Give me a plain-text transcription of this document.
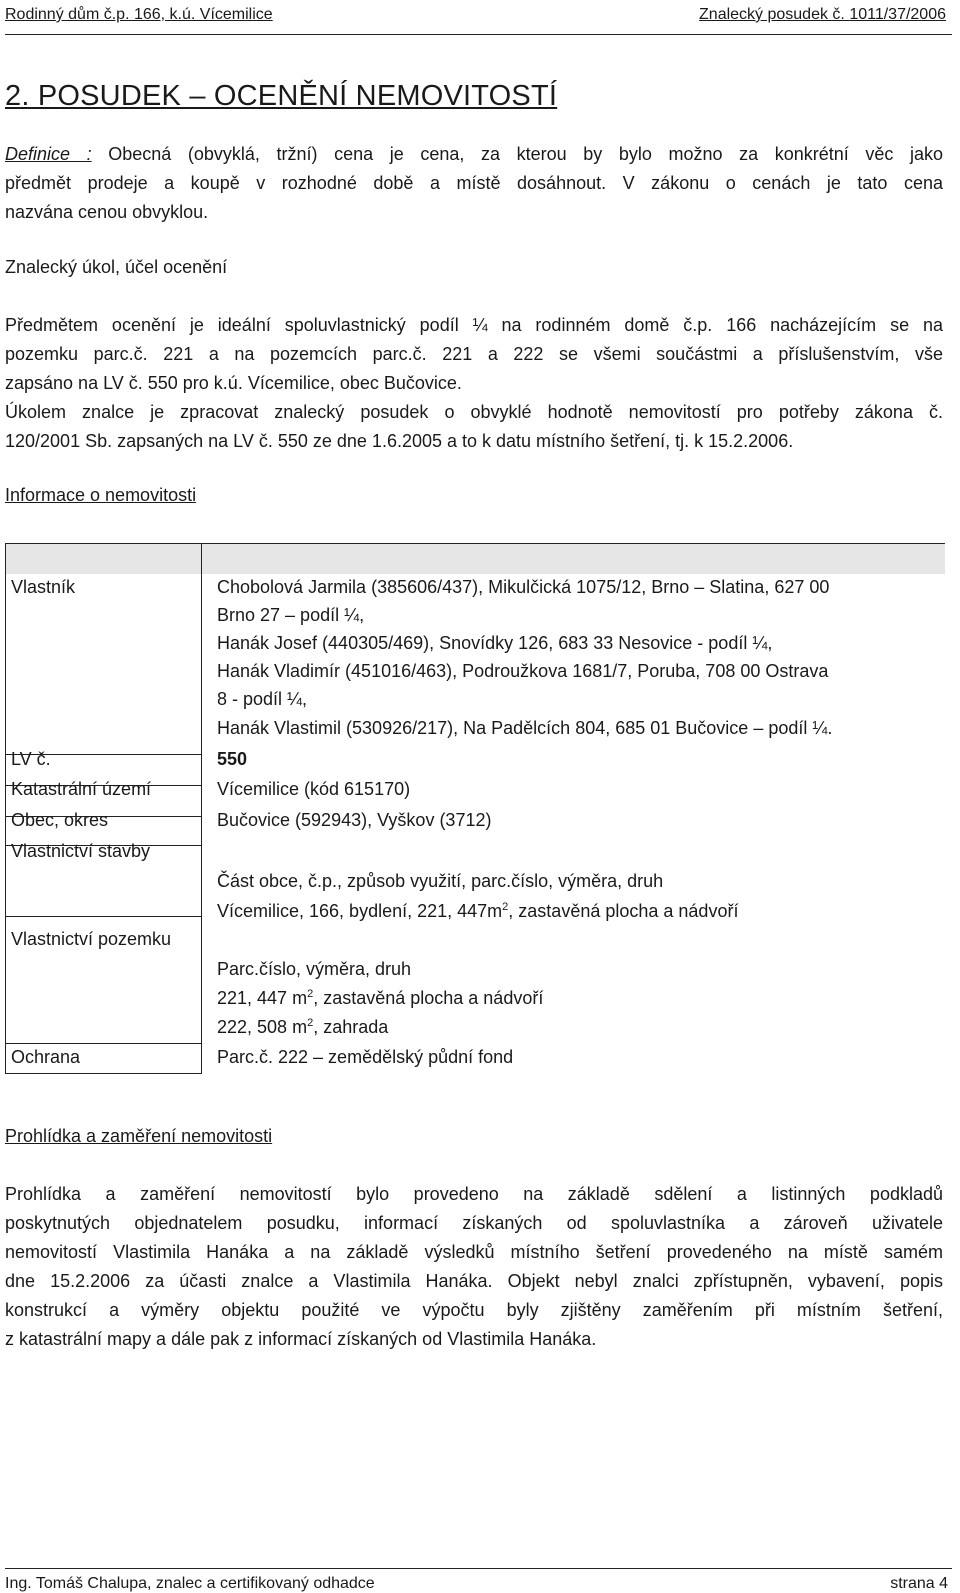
Rodinný dům č.p. 166, k.ú. Vícemilice	Znalecký posudek č. 1011/37/2006
2. POSUDEK – OCENĚNÍ NEMOVITOSTÍ
Definice : Obecná (obvyklá, tržní) cena je cena, za kterou by bylo možno za konkrétní věc jako
předmět prodeje a koupě v rozhodné době a místě dosáhnout. V zákonu o cenách je tato cena
nazvána cenou obvyklou.
Znalecký úkol, účel ocenění
Předmětem ocenění je ideální spoluvlastnický podíl ¼ na rodinném domě č.p. 166 nacházejícím se na
pozemku parc.č. 221 a na pozemcích parc.č. 221 a 222 se všemi součástmi a příslušenstvím, vše
zapsáno na LV č. 550 pro k.ú. Vícemilice, obec Bučovice.
Úkolem znalce je zpracovat znalecký posudek o obvyklé hodnotě nemovitostí pro potřeby zákona č.
120/2001 Sb. zapsaných na LV č. 550 ze dne 1.6.2005 a to k datu místního šetření, tj. k 15.2.2006.
Informace o nemovitosti
Vlastník	Chobolová Jarmila (385606/437), Mikulčická 1075/12, Brno – Slatina, 627 00
Brno 27 – podíl ¼,
Hanák Josef (440305/469), Snovídky 126, 683 33 Nesovice - podíl ¼,
Hanák Vladimír (451016/463), Podroužkova 1681/7, Poruba, 708 00 Ostrava
8 - podíl ¼,
Hanák Vlastimil (530926/217), Na Padělcích 804, 685 01 Bučovice – podíl ¼.
LV č.	550
Katastrální území	Vícemilice (kód 615170)
Obec, okres	Bučovice (592943), Vyškov (3712)
Vlastnictví stavby
Část obce, č.p., způsob využití, parc.číslo, výměra, druh
Vícemilice, 166, bydlení, 221, $447m^2$, zastavěná plocha a nádvoří
Vlastnictví pozemku
Parc.číslo, výměra, druh
221, 447 $m^2$, zastavěná plocha a nádvoří
222, 508 $m^2$, zahrada
Ochrana	Parc.č. 222 – zemědělský půdní fond
Prohlídka a zaměření nemovitosti
Prohlídka a zaměření nemovitostí bylo provedeno na základě sdělení a listinných podkladů
poskytnutých objednatelem posudku, informací získaných od spoluvlastníka a zároveň uživatele
nemovitostí Vlastimila Hanáka a na základě výsledků místního šetření provedeného na místě samém
dne 15.2.2006 za účasti znalce a Vlastimila Hanáka. Objekt nebyl znalci zpřístupněn, vybavení, popis
konstrukcí a výměry objektu použité ve výpočtu byly zjištěny zaměřením při místním šetření,
z katastrální mapy a dále pak z informací získaných od Vlastimila Hanáka.
Ing. Tomáš Chalupa, znalec a certifikovaný odhadce	strana 4
